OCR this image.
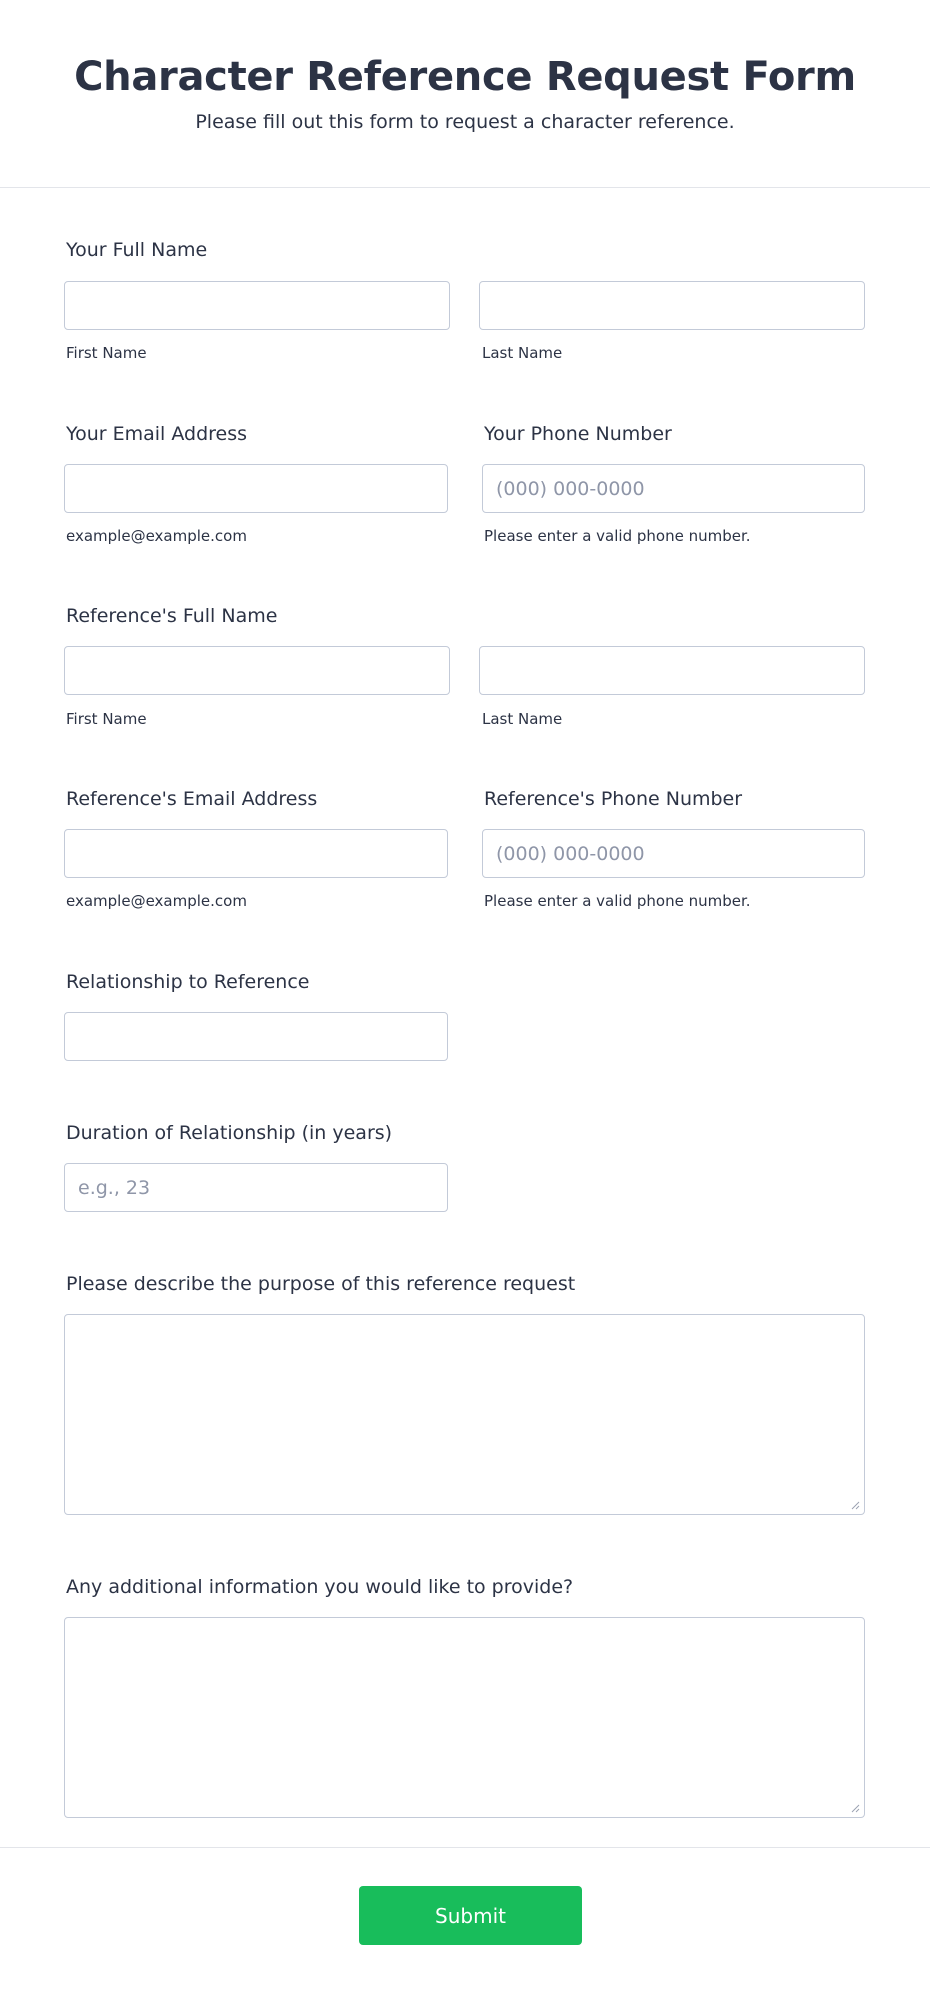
Character Reference Request Form
Please fill out this form to request a character reference.
Your Full Name
First Name	Last Name
Your Email Address	Your Phone Number
(000) 000-0000
example@example.com	Please enter a valid phone number.
Reference's Full Name
First Name	Last Name
Reference's Email Address	Reference's Phone Number
(000) 000-0000
example@example.com	Please enter a valid phone number.
Relationship to Reference
Duration of Relationship (in years)
e.g., 23
Please describe the purpose of this reference request
Any additional information you would like to provide?
Submit
